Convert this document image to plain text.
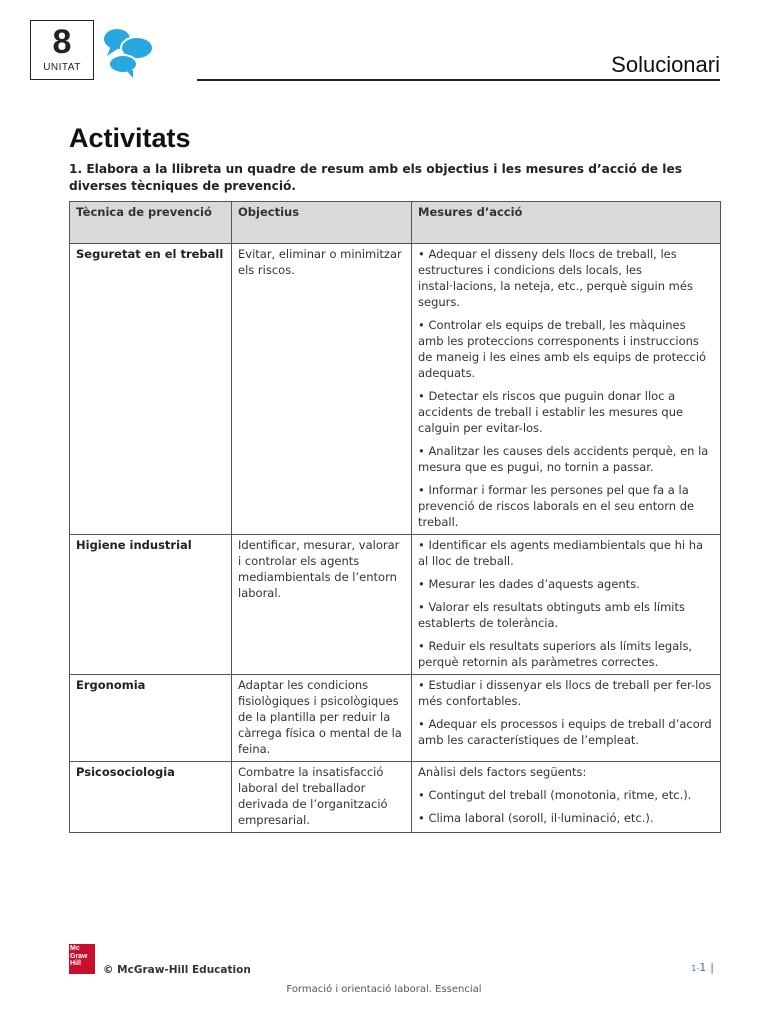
8
UNITAT	Solucionari
Activitats
1. Elabora a la llibreta un quadre de resum amb els objectius i les mesures d’acció de les diverses tècniques de prevenció.
Tècnica de prevenció	Objectius	Mesures d’acció
Seguretat en el treball	Evitar, eliminar o minimitzar els riscos.	• Adequar el disseny dels llocs de treball, les estructures i condicions dels locals, les instal·lacions, la neteja, etc., perquè siguin més segurs.

• Controlar els equips de treball, les màquines amb les proteccions corresponents i instruccions de maneig i les eines amb els equips de protecció adequats.

• Detectar els riscos que puguin donar lloc a accidents de treball i establir les mesures que calguin per evitar-los.

• Analitzar les causes dels accidents perquè, en la mesura que es pugui, no tornin a passar.

• Informar i formar les persones pel que fa a la prevenció de riscos laborals en el seu entorn de treball.

Higiene industrial	Identificar, mesurar, valorar i controlar els agents mediambientals de l’entorn laboral.	• Identificar els agents mediambientals que hi ha al lloc de treball.

• Mesurar les dades d’aquests agents.

• Valorar els resultats obtinguts amb els límits establerts de tolerància.

• Reduir els resultats superiors als límits legals, perquè retornin als paràmetres correctes.

Ergonomia	Adaptar les condicions fisiològiques i psicològiques de la plantilla per reduir la càrrega física o mental de la feina.	• Estudiar i dissenyar els llocs de treball per fer-los més confortables.

• Adequar els processos i equips de treball d’acord amb les característiques de l’empleat.

Psicosociologia	Combatre la insatisfacció laboral del treballador derivada de l’organització empresarial.	Anàlisi dels factors següents:

• Contingut del treball (monotonia, ritme, etc.).

• Clima laboral (soroll, il·luminació, etc.).

Mc
Graw
Hill
© McGraw-Hill Education	1-1 |
Formació i orientació laboral. Essencial
